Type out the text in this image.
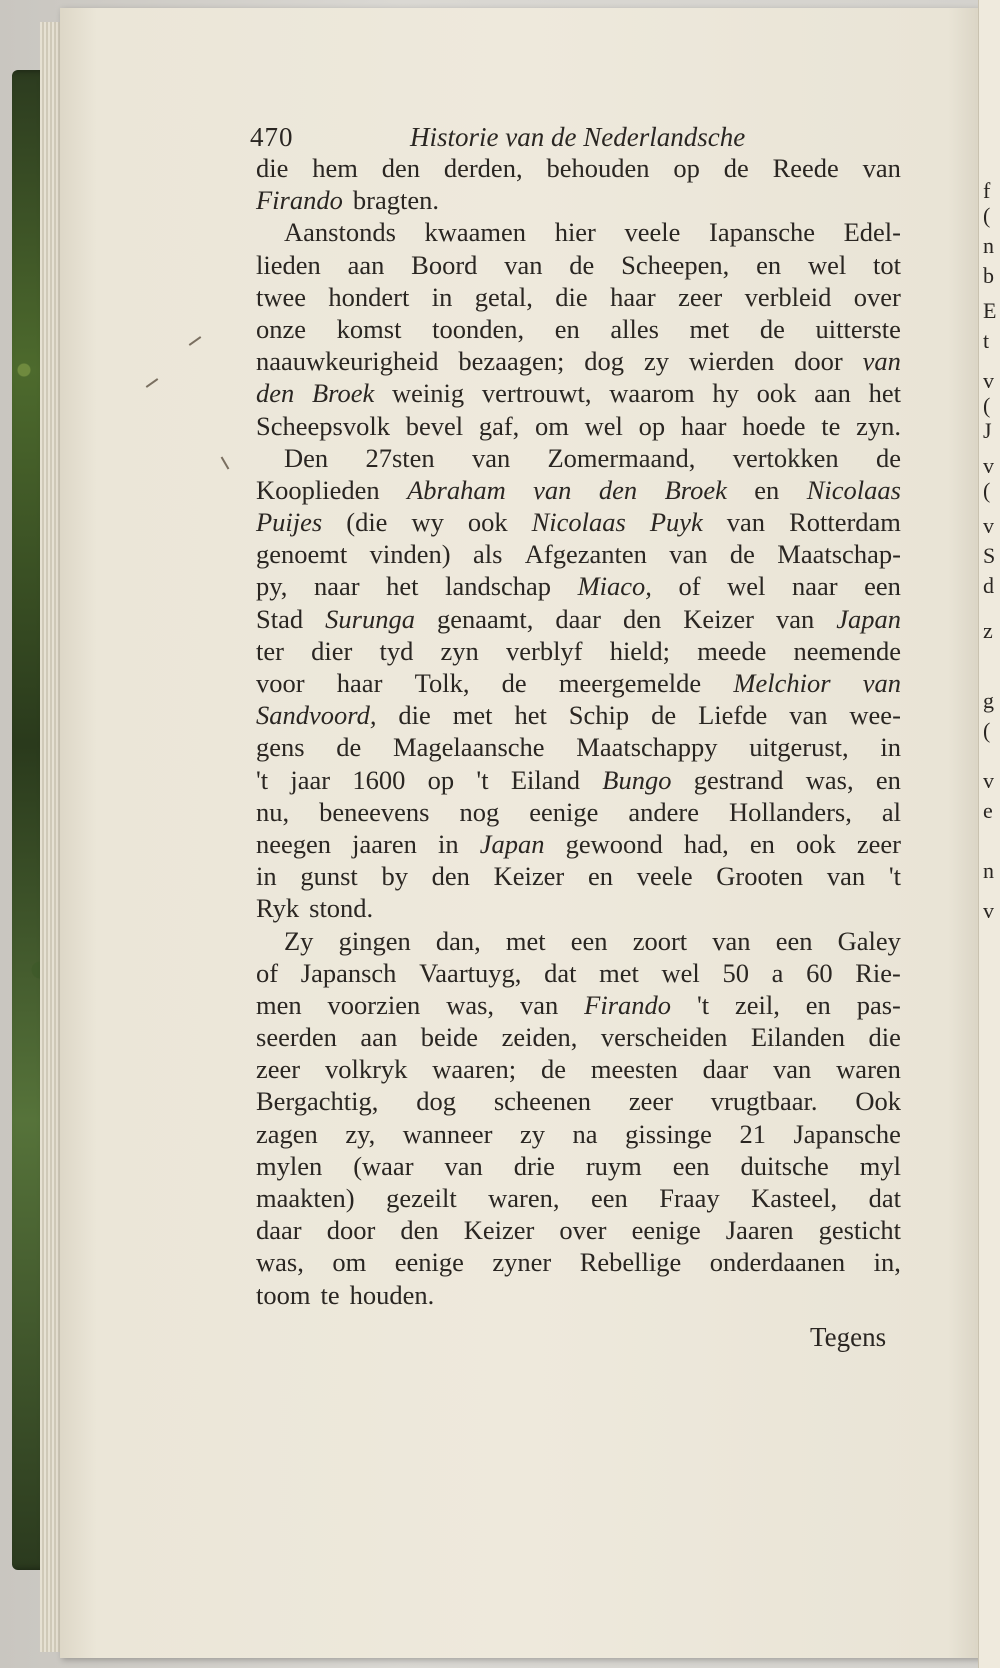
f
(
n
b
E
t
v
(
J
v
(
v
S
d
z
g
(
v
e
n
v
470	Historie van de Nederlandsche
die hem den derden, behouden op de Reede van
Firando bragten.
Aanstonds kwaamen hier veele Iapansche Edel-
lieden aan Boord van de Scheepen, en wel tot
twee hondert in getal, die haar zeer verbleid over
onze komst toonden, en alles met de uitterste
naauwkeurigheid bezaagen; dog zy wierden door van
den Broek weinig vertrouwt, waarom hy ook aan het
Scheepsvolk bevel gaf, om wel op haar hoede te zyn.
Den 27sten van Zomermaand, vertokken de
Kooplieden Abraham van den Broek en Nicolaas
Puijes (die wy ook Nicolaas Puyk van Rotterdam
genoemt vinden) als Afgezanten van de Maatschap-
py, naar het landschap Miaco, of wel naar een
Stad Surunga genaamt, daar den Keizer van Japan
ter dier tyd zyn verblyf hield; meede neemende
voor haar Tolk, de meergemelde Melchior van
Sandvoord, die met het Schip de Liefde van wee-
gens de Magelaansche Maatschappy uitgerust, in
't jaar 1600 op 't Eiland Bungo gestrand was, en
nu, beneevens nog eenige andere Hollanders, al
neegen jaaren in Japan gewoond had, en ook zeer
in gunst by den Keizer en veele Grooten van 't
Ryk stond.
Zy gingen dan, met een zoort van een Galey
of Japansch Vaartuyg, dat met wel 50 a 60 Rie-
men voorzien was, van Firando 't zeil, en pas-
seerden aan beide zeiden, verscheiden Eilanden die
zeer volkryk waaren; de meesten daar van waren
Bergachtig, dog scheenen zeer vrugtbaar. Ook
zagen zy, wanneer zy na gissinge 21 Japansche
mylen (waar van drie ruym een duitsche myl
maakten) gezeilt waren, een Fraay Kasteel, dat
daar door den Keizer over eenige Jaaren gesticht
was, om eenige zyner Rebellige onderdaanen in,
toom te houden.
Tegens
